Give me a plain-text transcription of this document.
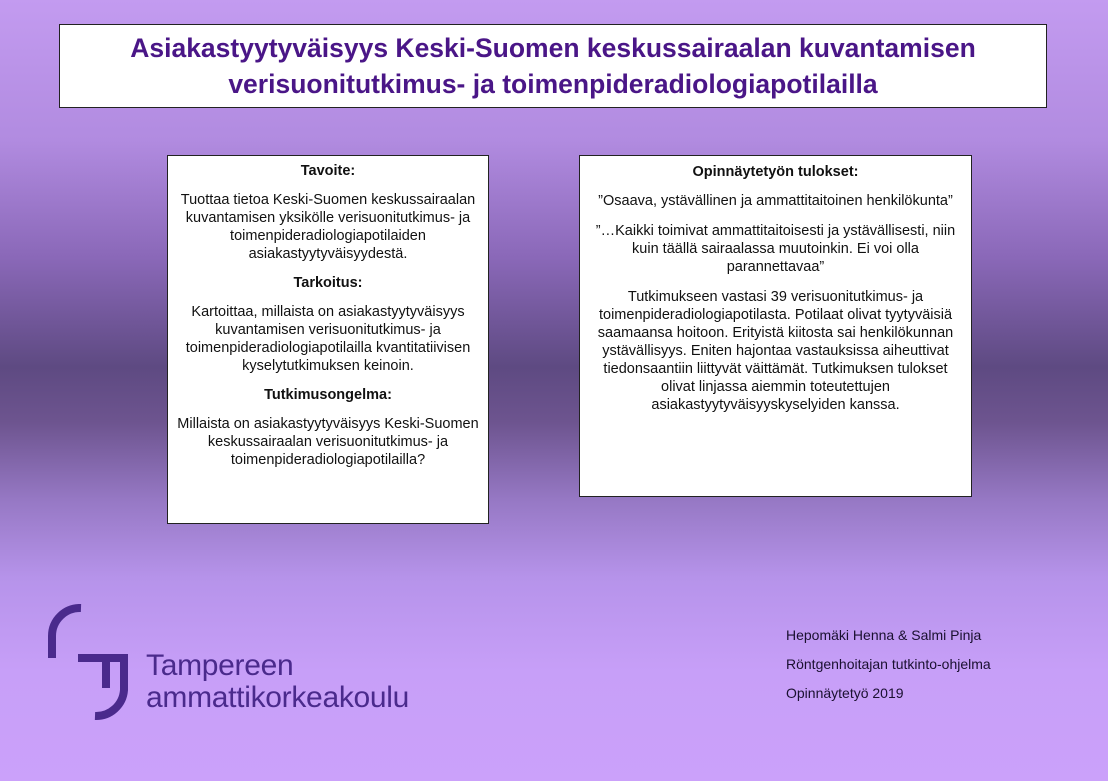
Asiakastyytyväisyys Keski-Suomen keskussairaalan kuvantamisen
verisuonitutkimus- ja toimenpideradiologiapotilailla
Tavoite:

Tuottaa tietoa Keski-Suomen keskussairaalan kuvantamisen yksikölle verisuonitutkimus- ja toimenpideradiologiapotilaiden asiakastyytyväisyydestä.

Tarkoitus:

Kartoittaa, millaista on asiakastyytyväisyys kuvantamisen verisuonitutkimus- ja toimenpideradiologiapotilailla kvantitatiivisen kyselytutkimuksen keinoin.

Tutkimusongelma:

Millaista on asiakastyytyväisyys Keski-Suomen keskussairaalan verisuonitutkimus- ja toimenpideradiologiapotilailla?

Opinnäytetyön tulokset:

”Osaava, ystävällinen ja ammattitaitoinen henkilökunta”

”…Kaikki toimivat ammattitaitoisesti ja ystävällisesti, niin kuin täällä sairaalassa muutoinkin. Ei voi olla parannettavaa”

Tutkimukseen vastasi 39 verisuonitutkimus- ja toimenpideradiologiapotilasta. Potilaat olivat tyytyväisiä saamaansa hoitoon. Erityistä kiitosta sai henkilökunnan ystävällisyys. Eniten hajontaa vastauksissa aiheuttivat tiedonsaantiin liittyvät väittämät. Tutkimuksen tulokset olivat linjassa aiemmin toteutettujen asiakastyytyväisyyskyselyiden kanssa.

Tampereen
ammattikorkeakoulu
Hepomäki Henna & Salmi Pinja
Röntgenhoitajan tutkinto-ohjelma
Opinnäytetyö 2019
